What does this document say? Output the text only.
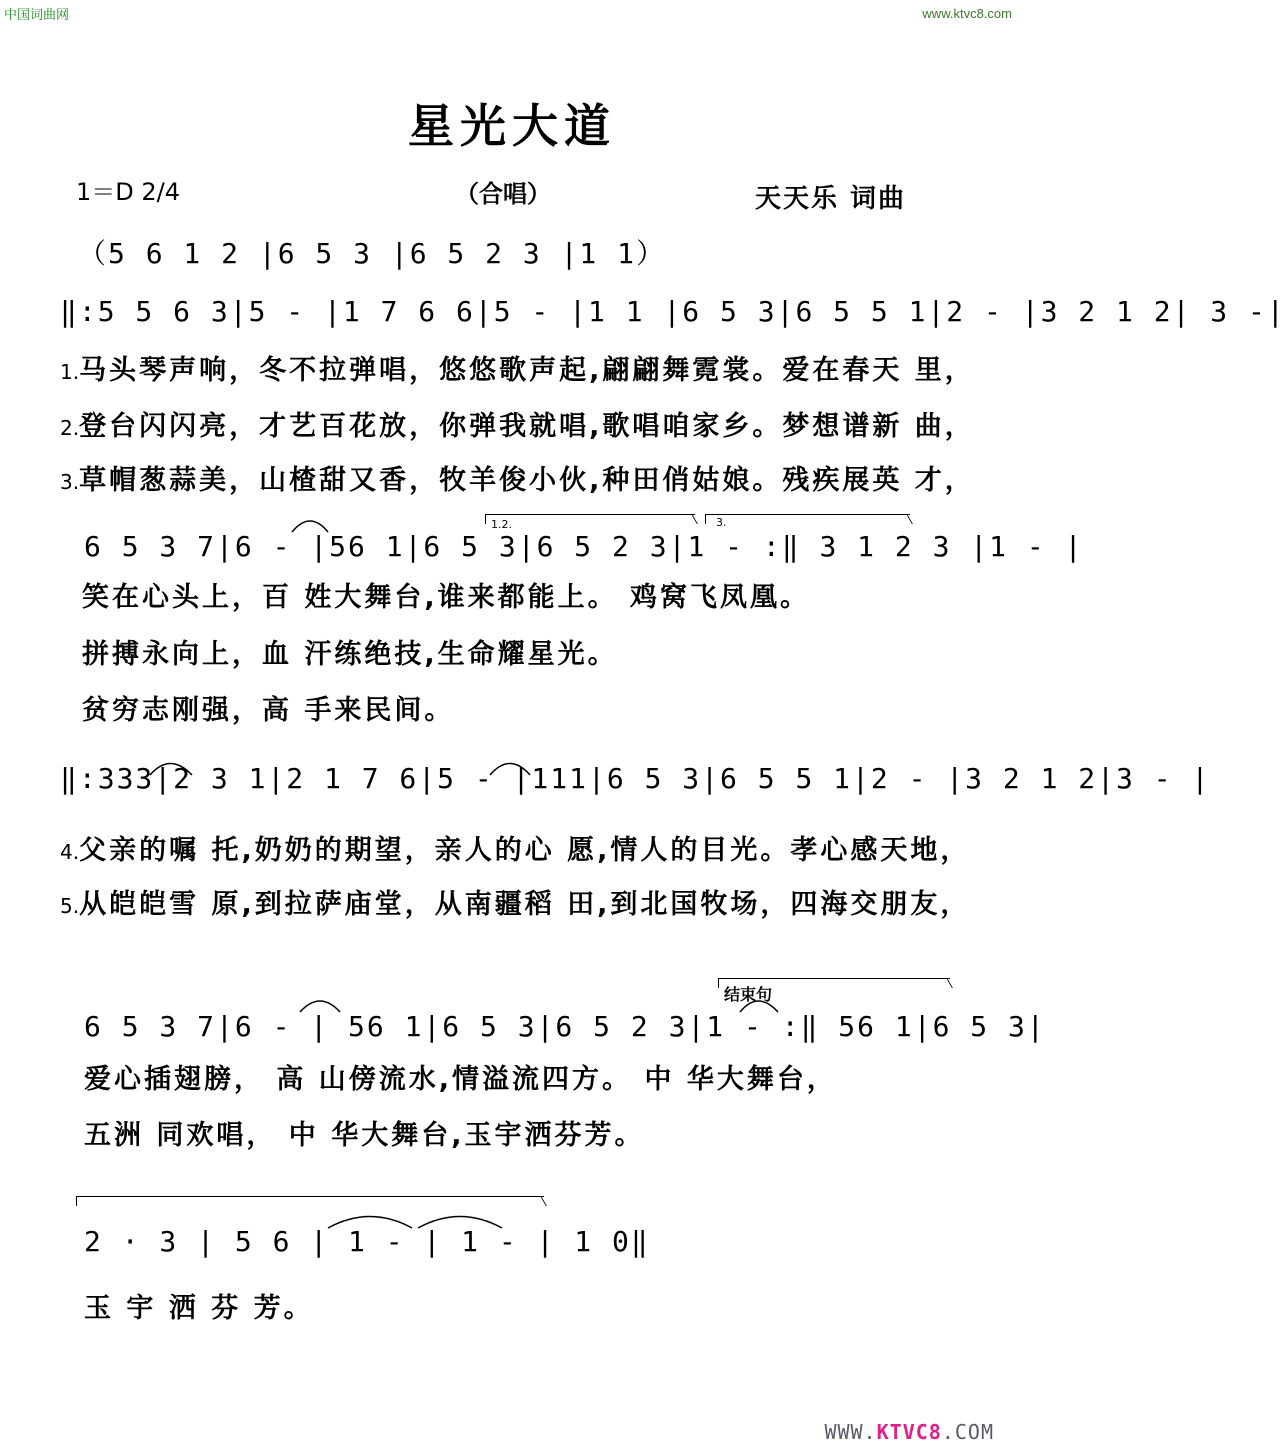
中国词曲网	www.ktvc8.com
星光大道
1＝D 2/4	（合唱）	天天乐 词曲
（5 6 1 2 |6 5 3 |6 5 2 3 |1 1）
‖:5 5 6 3|5 - |1 7 6 6|5 - |1 1 |6 5 3|6 5 5 1|2 - |3 2 1 2| 3 -|
1.马头琴声响，冬不拉弹唱，悠悠歌声起,翩翩舞霓裳。爱在春天 里，
2.登台闪闪亮，才艺百花放，你弹我就唱,歌唱咱家乡。梦想谱新 曲，
3.草帽葱蒜美，山楂甜又香，牧羊俊小伙,种田俏姑娘。残疾展英 才，
1.2.	3.
6 5 3 7|6 - |56 1|6 5 3|6 5 2 3|1 - :‖ 3 1 2 3 |1 - |
笑在心头上，百 姓大舞台,谁来都能上。 鸡窝飞凤凰。
拼搏永向上，血 汗练绝技,生命耀星光。
贫穷志刚强，高 手来民间。
‖:333|2 3 1|2 1 7 6|5 - |111|6 5 3|6 5 5 1|2 - |3 2 1 2|3 - |
4.父亲的嘱 托,奶奶的期望，亲人的心 愿,情人的目光。孝心感天地，
5.从皑皑雪 原,到拉萨庙堂，从南疆稻 田,到北国牧场，四海交朋友，
结束句
6 5 3 7|6 - | 56 1|6 5 3|6 5 2 3|1 - :‖ 56 1|6 5 3|
爱心插翅膀， 高 山傍流水,情溢流四方。 中 华大舞台，
五洲 同欢唱， 中 华大舞台,玉宇洒芬芳。
2 · 3 | 5 6 | 1 - | 1 - | 1 0‖
玉 宇 洒 芬 芳。
WWW.KTVC8.COM
